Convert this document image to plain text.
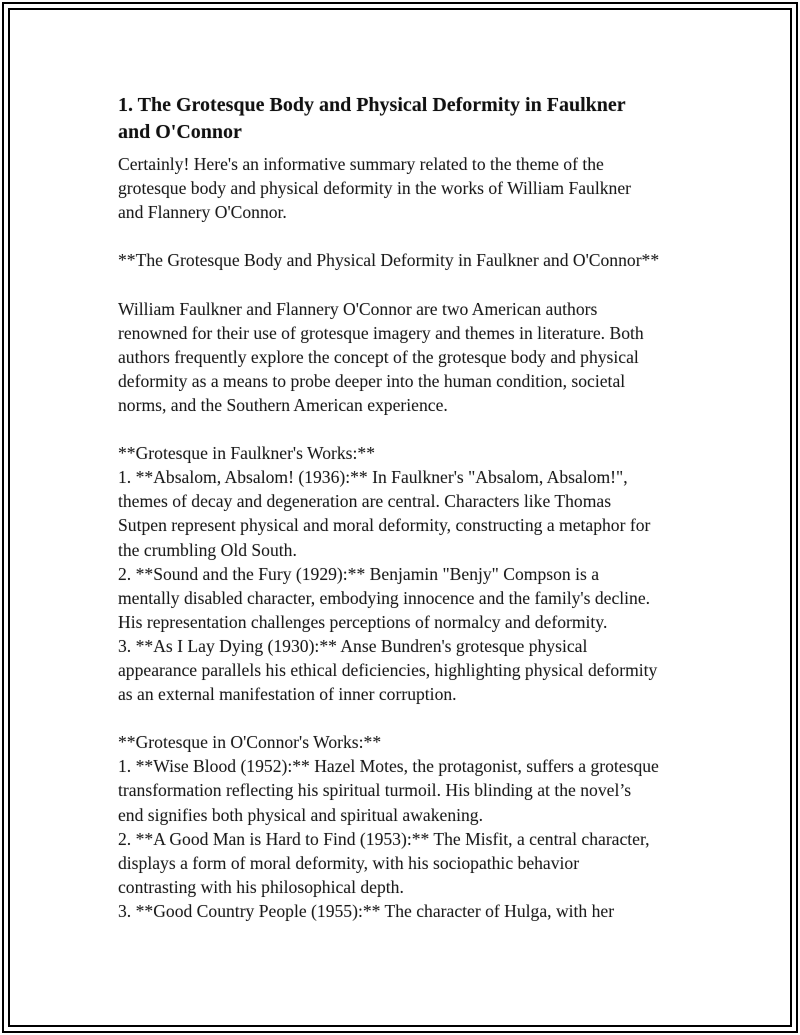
1. The Grotesque Body and Physical Deformity in Faulkner
and O'Connor
Certainly! Here's an informative summary related to the theme of the
grotesque body and physical deformity in the works of William Faulkner
and Flannery O'Connor.
**The Grotesque Body and Physical Deformity in Faulkner and O'Connor**
William Faulkner and Flannery O'Connor are two American authors
renowned for their use of grotesque imagery and themes in literature. Both
authors frequently explore the concept of the grotesque body and physical
deformity as a means to probe deeper into the human condition, societal
norms, and the Southern American experience.
**Grotesque in Faulkner's Works:**
1. **Absalom, Absalom! (1936):** In Faulkner's "Absalom, Absalom!",
themes of decay and degeneration are central. Characters like Thomas
Sutpen represent physical and moral deformity, constructing a metaphor for
the crumbling Old South.
2. **Sound and the Fury (1929):** Benjamin "Benjy" Compson is a
mentally disabled character, embodying innocence and the family's decline.
His representation challenges perceptions of normalcy and deformity.
3. **As I Lay Dying (1930):** Anse Bundren's grotesque physical
appearance parallels his ethical deficiencies, highlighting physical deformity
as an external manifestation of inner corruption.
**Grotesque in O'Connor's Works:**
1. **Wise Blood (1952):** Hazel Motes, the protagonist, suffers a grotesque
transformation reflecting his spiritual turmoil. His blinding at the novel’s
end signifies both physical and spiritual awakening.
2. **A Good Man is Hard to Find (1953):** The Misfit, a central character,
displays a form of moral deformity, with his sociopathic behavior
contrasting with his philosophical depth.
3. **Good Country People (1955):** The character of Hulga, with her
